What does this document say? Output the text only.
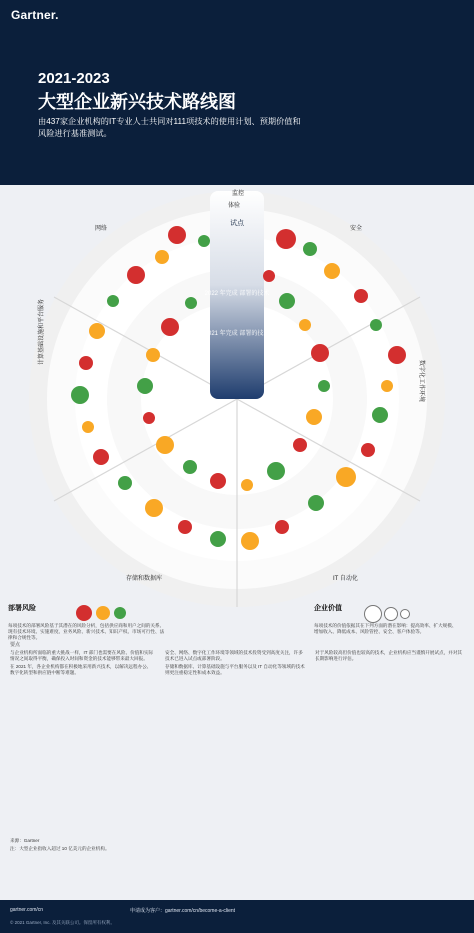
Gartner.
2021-2023
大型企业新兴技术路线图
由437家企业机构的IT专业人士共同对111项技术的使用计划、预期价值和风险进行基准测试。
试点
2022 年完成 部署的技术
2021 年完成 部署的技术
监控
体验
安全
数字化工作环境
IT 自动化
存储和数据库
计算基础设施和平台服务
网络
部署风险
每项技术的部署风险基于其潜在的风险分析，包括供应商和用户之间的关系、现有技术环境、实施难度、业务风险、新兴技术、知识产权、市场可行性、法律和合规性等。
企业价值
每项技术的价值依据其在下列方面的潜在影响：提高效率、扩大规模、增加收入、降低成本、风险管控、安全、客户体验等。
要点
与企业机构所面临的重大挑战一样，IT 部门也需要在风险、价值和实际情况之间取得平衡，确保投入时间和资金的技术能够带来最大回报。
在 2021 年，各企业机构都在积极地采用新兴技术，以解决远程办公、数字化转型和供应链中断等难题。
安全、网络、数字化工作环境等领域的技术投资受到高度关注，许多技术已进入试点或部署阶段。
存储和数据库、计算基础设施与平台服务以及 IT 自动化等领域的技术则更注重稳定性和成本效益。
对于风险较高但价值也较高的技术，企业机构应当谨慎开展试点，并对其长期影响进行评估。
来源：Gartner
注：大型企业指收入超过 10 亿美元的企业机构。
gartner.com/cn	申请成为客户：gartner.com/cn/become-a-client
© 2021 Gartner, Inc. 及其关联公司。保留所有权利。
